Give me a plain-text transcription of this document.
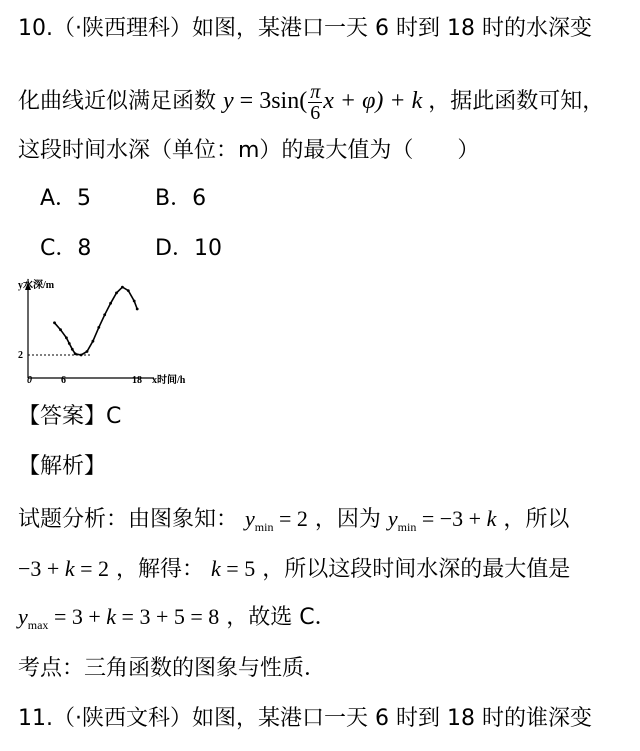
10.（·陕西理科）如图，某港口一天 6 时到 18 时的水深变
化曲线近似满足函数 $y = 3\sin( \frac{\pi}{6}$ x + φ) + k ，据此函数可知，
这段时间水深（单位：m）的最大值为（　　）
A．5	B．6
C．8	D．10
y水深/m
x时间/h
0	6	18
2
【答案】C
【解析】
试题分析：由图象知： $y_{min} = 2$ ，因为 $y_{min} = -3 + k$ ，所以
−3 + k = 2 ，解得： k = 5 ，所以这段时间水深的最大值是
$y_{max} = 3 + k = 3 + 5 = 8$ ，故选 C．
考点：三角函数的图象与性质．
11.（·陕西文科）如图，某港口一天 6 时到 18 时的谁深变
